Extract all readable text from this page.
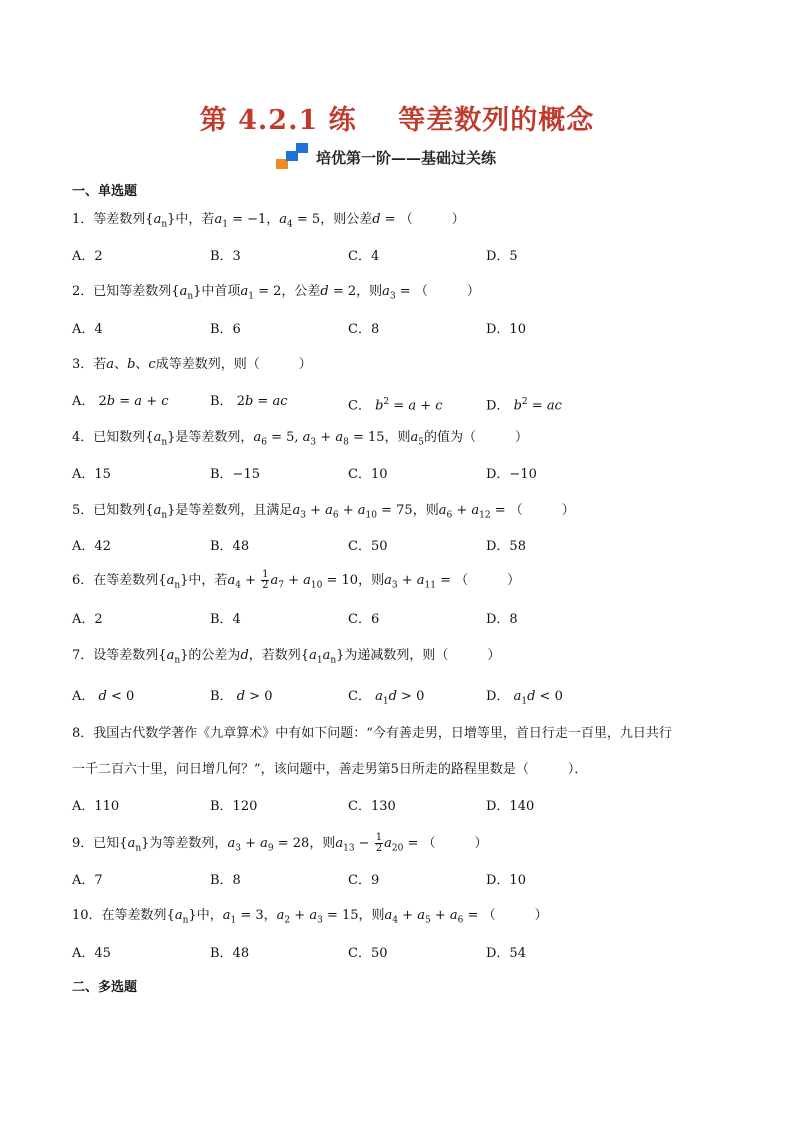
第 4.2.1 练    等差数列的概念
培优第一阶——基础过关练
一、单选题
1．等差数列$\{a_n\}$中，若$a_1 = -1$，$a_4 = 5$，则公差d = （　　　）
A．2	B．3	C．4	D．5
2．已知等差数列$\{a_n\}$中首项$a_1 = 2$，公差d = 2，则$a_3$ = （　　　）
A．4	B．6	C．8	D．10
3．若a、b、c成等差数列，则（　　　）
A． 2b = a + c	B． 2b = ac	C． $b^2 = a + c$	D． $b^2$ = ac
4．已知数列$\{a_n\}$是等差数列，$a_6 = 5$, $a_3 + a_8 = 15$，则$a_5$的值为（　　　）
A．15	B．−15	C．10	D．−10
5．已知数列$\{a_n\}$是等差数列，且满足$a_3 + a_6 + a_{10} = 75$，则$a_6 + a_{12}$ = （　　　）
A．42	B．48	C．50	D．58
6．在等差数列$\{a_n\}$中，若$a_4 + \frac{1}{2} a_7 + a_{10} = 10$，则$a_3 + a_{11}$ = （　　　）
A．2	B．4	C．6	D．8
7．设等差数列$\{a_n\}$的公差为d，若数列$\{a_1a_n\}$为递减数列，则（　　　）
A． d < 0	B． d > 0	C． $a_1d > 0$	D． $a_1d < 0$
8．我国古代数学著作《九章算术》中有如下问题：“今有善走男，日增等里，首日行走一百里，九日共行
一千二百六十里，问日增几何？”，该问题中，善走男第5日所走的路程里数是（　　　）．
A．110	B．120	C．130	D．140
9．已知$\{a_n\}$为等差数列，$a_3 + a_9 = 28$，则$a_{13} - \frac{1}{2} a_{20}$ = （　　　）
A．7	B．8	C．9	D．10
10．在等差数列$\{a_n\}$中，$a_1 = 3$，$a_2 + a_3 = 15$，则$a_4 + a_5 + a_6$ = （　　　）
A．45	B．48	C．50	D．54
二、多选题
